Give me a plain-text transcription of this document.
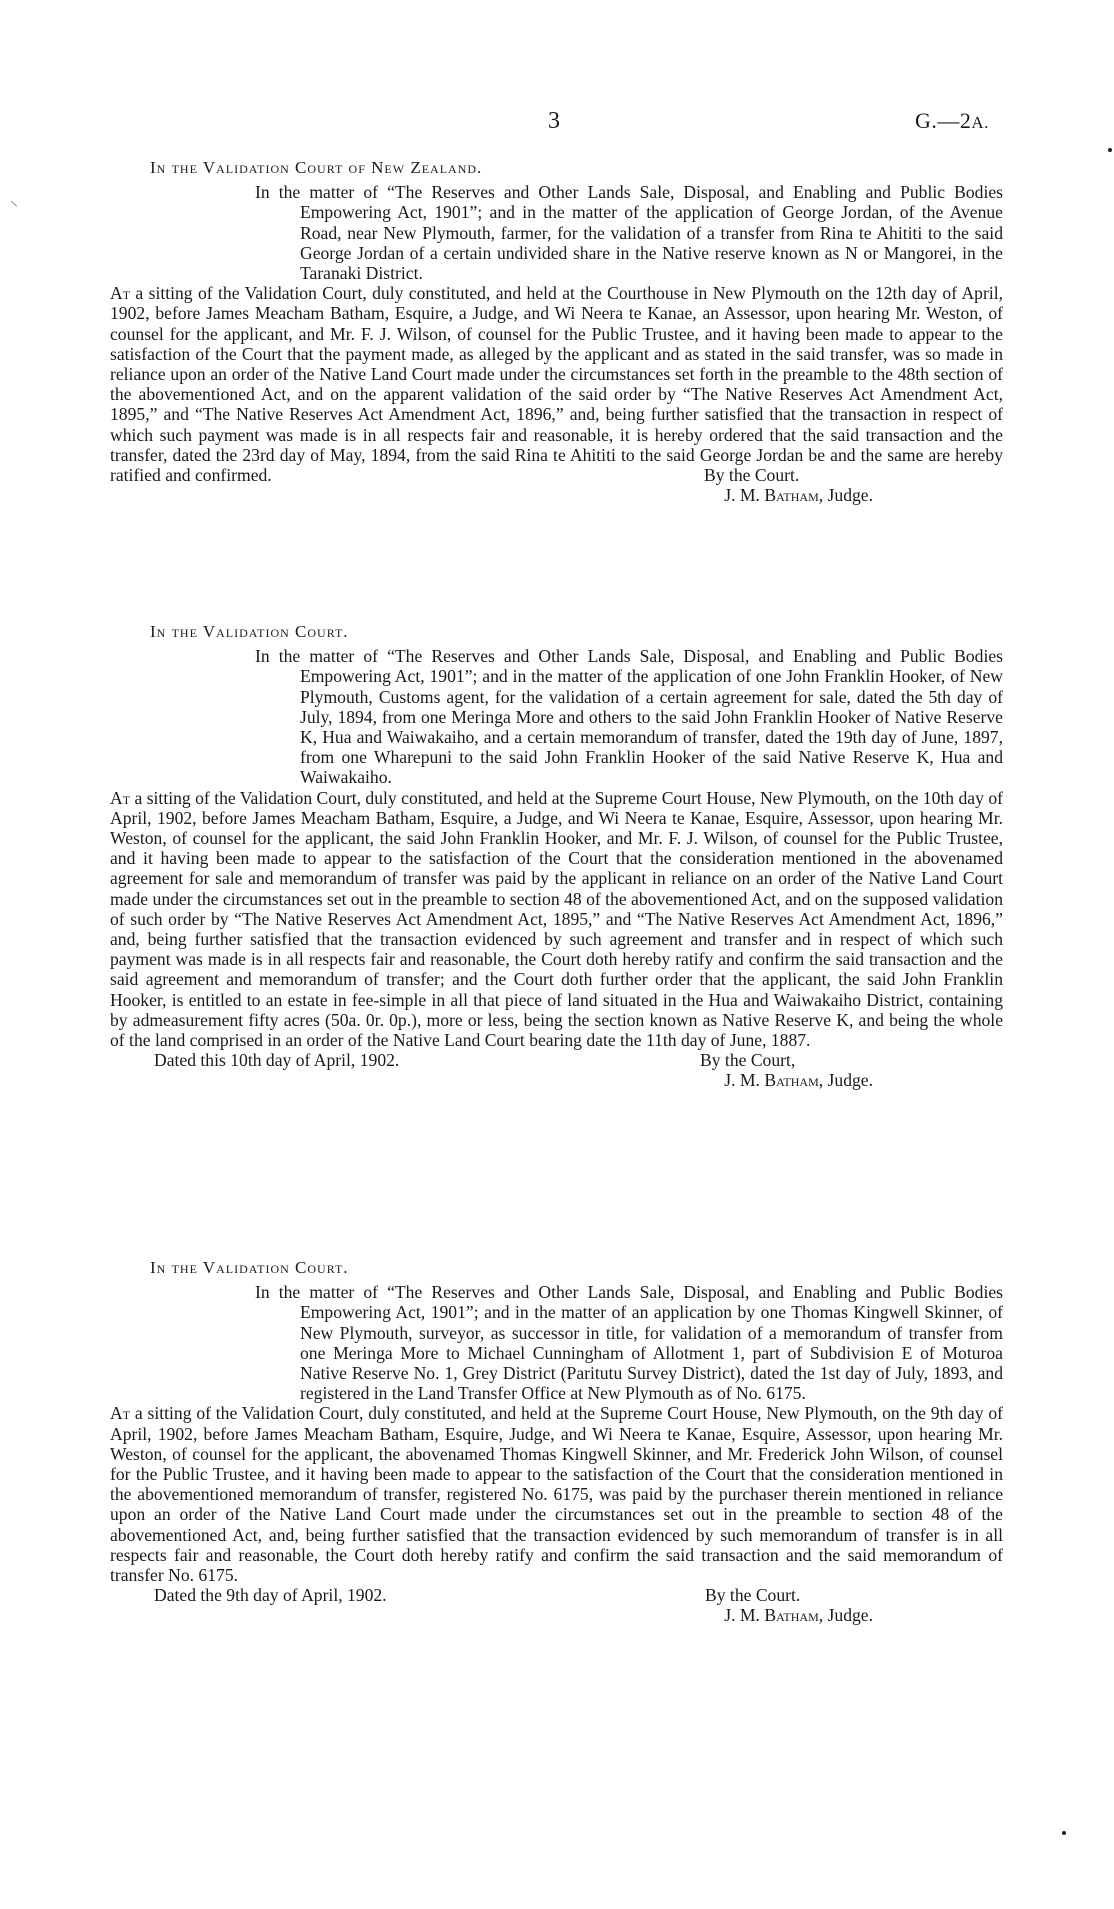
3	G.—2A.
⸌
In the Validation Court of New Zealand.
In the matter of “The Reserves and Other Lands Sale, Disposal, and Enabling and Public Bodies Empowering Act, 1901”; and in the matter of the application of George Jordan, of the Avenue Road, near New Plymouth, farmer, for the validation of a transfer from Rina te Ahititi to the said George Jordan of a certain undivided share in the Native reserve known as N or Mangorei, in the Taranaki District.
At a sitting of the Validation Court, duly constituted, and held at the Courthouse in New Plymouth on the 12th day of April, 1902, before James Meacham Batham, Esquire, a Judge, and Wi Neera te Kanae, an Assessor, upon hearing Mr. Weston, of counsel for the applicant, and Mr. F. J. Wilson, of counsel for the Public Trustee, and it having been made to appear to the satisfaction of the Court that the payment made, as alleged by the applicant and as stated in the said transfer, was so made in reliance upon an order of the Native Land Court made under the circumstances set forth in the preamble to the 48th section of the abovementioned Act, and on the apparent validation of the said order by “The Native Reserves Act Amendment Act, 1895,” and “The Native Reserves Act Amendment Act, 1896,” and, being further satisfied that the transaction in respect of which such payment was made is in all respects fair and reasonable, it is hereby ordered that the said transaction and the transfer, dated the 23rd day of May, 1894, from the said Rina te Ahititi to the said George Jordan be and the same are hereby ratified and confirmed.	By the Court.
J. M. Batham, Judge.
In the Validation Court.
In the matter of “The Reserves and Other Lands Sale, Disposal, and Enabling and Public Bodies Empowering Act, 1901”; and in the matter of the application of one John Franklin Hooker, of New Plymouth, Customs agent, for the validation of a certain agreement for sale, dated the 5th day of July, 1894, from one Meringa More and others to the said John Franklin Hooker of Native Reserve K, Hua and Waiwakaiho, and a certain memorandum of transfer, dated the 19th day of June, 1897, from one Wharepuni to the said John Franklin Hooker of the said Native Reserve K, Hua and Waiwakaiho.
At a sitting of the Validation Court, duly constituted, and held at the Supreme Court House, New Plymouth, on the 10th day of April, 1902, before James Meacham Batham, Esquire, a Judge, and Wi Neera te Kanae, Esquire, Assessor, upon hearing Mr. Weston, of counsel for the applicant, the said John Franklin Hooker, and Mr. F. J. Wilson, of counsel for the Public Trustee, and it having been made to appear to the satisfaction of the Court that the consideration mentioned in the abovenamed agreement for sale and memorandum of transfer was paid by the applicant in reliance on an order of the Native Land Court made under the circumstances set out in the preamble to section 48 of the abovementioned Act, and on the supposed validation of such order by “The Native Reserves Act Amendment Act, 1895,” and “The Native Reserves Act Amendment Act, 1896,” and, being further satisfied that the transaction evidenced by such agreement and transfer and in respect of which such payment was made is in all respects fair and reasonable, the Court doth hereby ratify and confirm the said transaction and the said agreement and memorandum of transfer; and the Court doth further order that the applicant, the said John Franklin Hooker, is entitled to an estate in fee-simple in all that piece of land situated in the Hua and Waiwakaiho District, containing by admeasurement fifty acres (50a. 0r. 0p.), more or less, being the section known as Native Reserve K, and being the whole of the land comprised in an order of the Native Land Court bearing date the 11th day of June, 1887.
Dated this 10th day of April, 1902.	By the Court,
J. M. Batham, Judge.
In the Validation Court.
In the matter of “The Reserves and Other Lands Sale, Disposal, and Enabling and Public Bodies Empowering Act, 1901”; and in the matter of an application by one Thomas Kingwell Skinner, of New Plymouth, surveyor, as successor in title, for validation of a memorandum of transfer from one Meringa More to Michael Cunningham of Allotment 1, part of Subdivision E of Moturoa Native Reserve No. 1, Grey District (Paritutu Survey District), dated the 1st day of July, 1893, and registered in the Land Transfer Office at New Plymouth as of No. 6175.
At a sitting of the Validation Court, duly constituted, and held at the Supreme Court House, New Plymouth, on the 9th day of April, 1902, before James Meacham Batham, Esquire, Judge, and Wi Neera te Kanae, Esquire, Assessor, upon hearing Mr. Weston, of counsel for the applicant, the abovenamed Thomas Kingwell Skinner, and Mr. Frederick John Wilson, of counsel for the Public Trustee, and it having been made to appear to the satisfaction of the Court that the consideration mentioned in the abovementioned memorandum of transfer, registered No. 6175, was paid by the purchaser therein mentioned in reliance upon an order of the Native Land Court made under the circumstances set out in the preamble to section 48 of the abovementioned Act, and, being further satisfied that the transaction evidenced by such memorandum of transfer is in all respects fair and reasonable, the Court doth hereby ratify and confirm the said transaction and the said memorandum of transfer No. 6175.
Dated the 9th day of April, 1902.	By the Court.
J. M. Batham, Judge.
